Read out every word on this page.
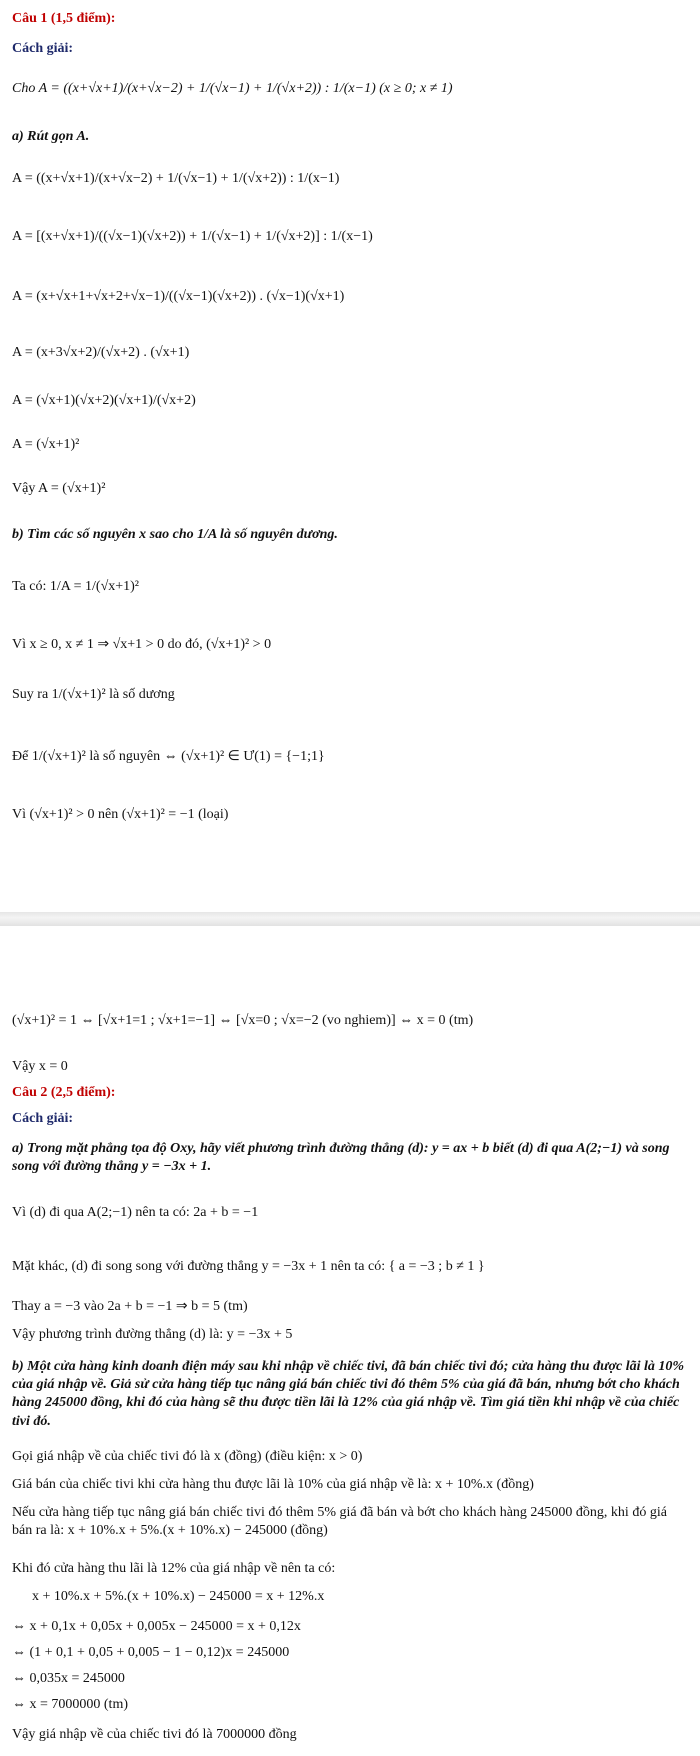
Câu 1 (1,5 điểm):
Cách giải:
Cho A = ((x+√x+1)/(x+√x−2) + 1/(√x−1) + 1/(√x+2)) : 1/(x−1) (x ≥ 0; x ≠ 1)
a) Rút gọn A.
A = ((x+√x+1)/(x+√x−2) + 1/(√x−1) + 1/(√x+2)) : 1/(x−1)
A = [(x+√x+1)/((√x−1)(√x+2)) + 1/(√x−1) + 1/(√x+2)] : 1/(x−1)
A = (x+√x+1+√x+2+√x−1)/((√x−1)(√x+2)) . (√x−1)(√x+1)
A = (x+3√x+2)/(√x+2) . (√x+1)
A = (√x+1)(√x+2)(√x+1)/(√x+2)
A = (√x+1)²
Vậy A = (√x+1)²
b) Tìm các số nguyên x sao cho 1/A là số nguyên dương.
Ta có: 1/A = 1/(√x+1)²
Vì x ≥ 0, x ≠ 1 ⇒ √x+1 > 0 do đó, (√x+1)² > 0
Suy ra 1/(√x+1)² là số dương
Để 1/(√x+1)² là số nguyên ⇔ (√x+1)² ∈ Ư(1) = {−1;1}
Vì (√x+1)² > 0 nên (√x+1)² = −1 (loại)
(√x+1)² = 1 ⇔ [√x+1=1 ; √x+1=−1] ⇔ [√x=0 ; √x=−2 (vo nghiem)] ⇔ x = 0 (tm)
Vậy x = 0
Câu 2 (2,5 điểm):
Cách giải:
a) Trong mặt phẳng tọa độ Oxy, hãy viết phương trình đường thẳng (d): y = ax + b biết (d) đi qua A(2;−1) và song song với đường thẳng y = −3x + 1.
Vì (d) đi qua A(2;−1) nên ta có: 2a + b = −1
Mặt khác, (d) đi song song với đường thẳng y = −3x + 1 nên ta có: { a = −3 ; b ≠ 1 }
Thay a = −3 vào 2a + b = −1 ⇒ b = 5 (tm)
Vậy phương trình đường thẳng (d) là: y = −3x + 5
b) Một cửa hàng kinh doanh điện máy sau khi nhập về chiếc tivi, đã bán chiếc tivi đó; cửa hàng thu được lãi là 10% của giá nhập về. Giả sử cửa hàng tiếp tục nâng giá bán chiếc tivi đó thêm 5% của giá đã bán, nhưng bớt cho khách hàng 245000 đồng, khi đó của hàng sẽ thu được tiền lãi là 12% của giá nhập về. Tìm giá tiền khi nhập về của chiếc tivi đó.
Gọi giá nhập về của chiếc tivi đó là x (đồng) (điều kiện: x > 0)
Giá bán của chiếc tivi khi cửa hàng thu được lãi là 10% của giá nhập về là: x + 10%.x (đồng)
Nếu cửa hàng tiếp tục nâng giá bán chiếc tivi đó thêm 5% giá đã bán và bớt cho khách hàng 245000 đồng, khi đó giá bán ra là: x + 10%.x + 5%.(x + 10%.x) − 245000 (đồng)
Khi đó cửa hàng thu lãi là 12% của giá nhập về nên ta có:
x + 10%.x + 5%.(x + 10%.x) − 245000 = x + 12%.x
⇔ x + 0,1x + 0,05x + 0,005x − 245000 = x + 0,12x
⇔ (1 + 0,1 + 0,05 + 0,005 − 1 − 0,12)x = 245000
⇔ 0,035x = 245000
⇔ x = 7000000 (tm)
Vậy giá nhập về của chiếc tivi đó là 7000000 đồng
